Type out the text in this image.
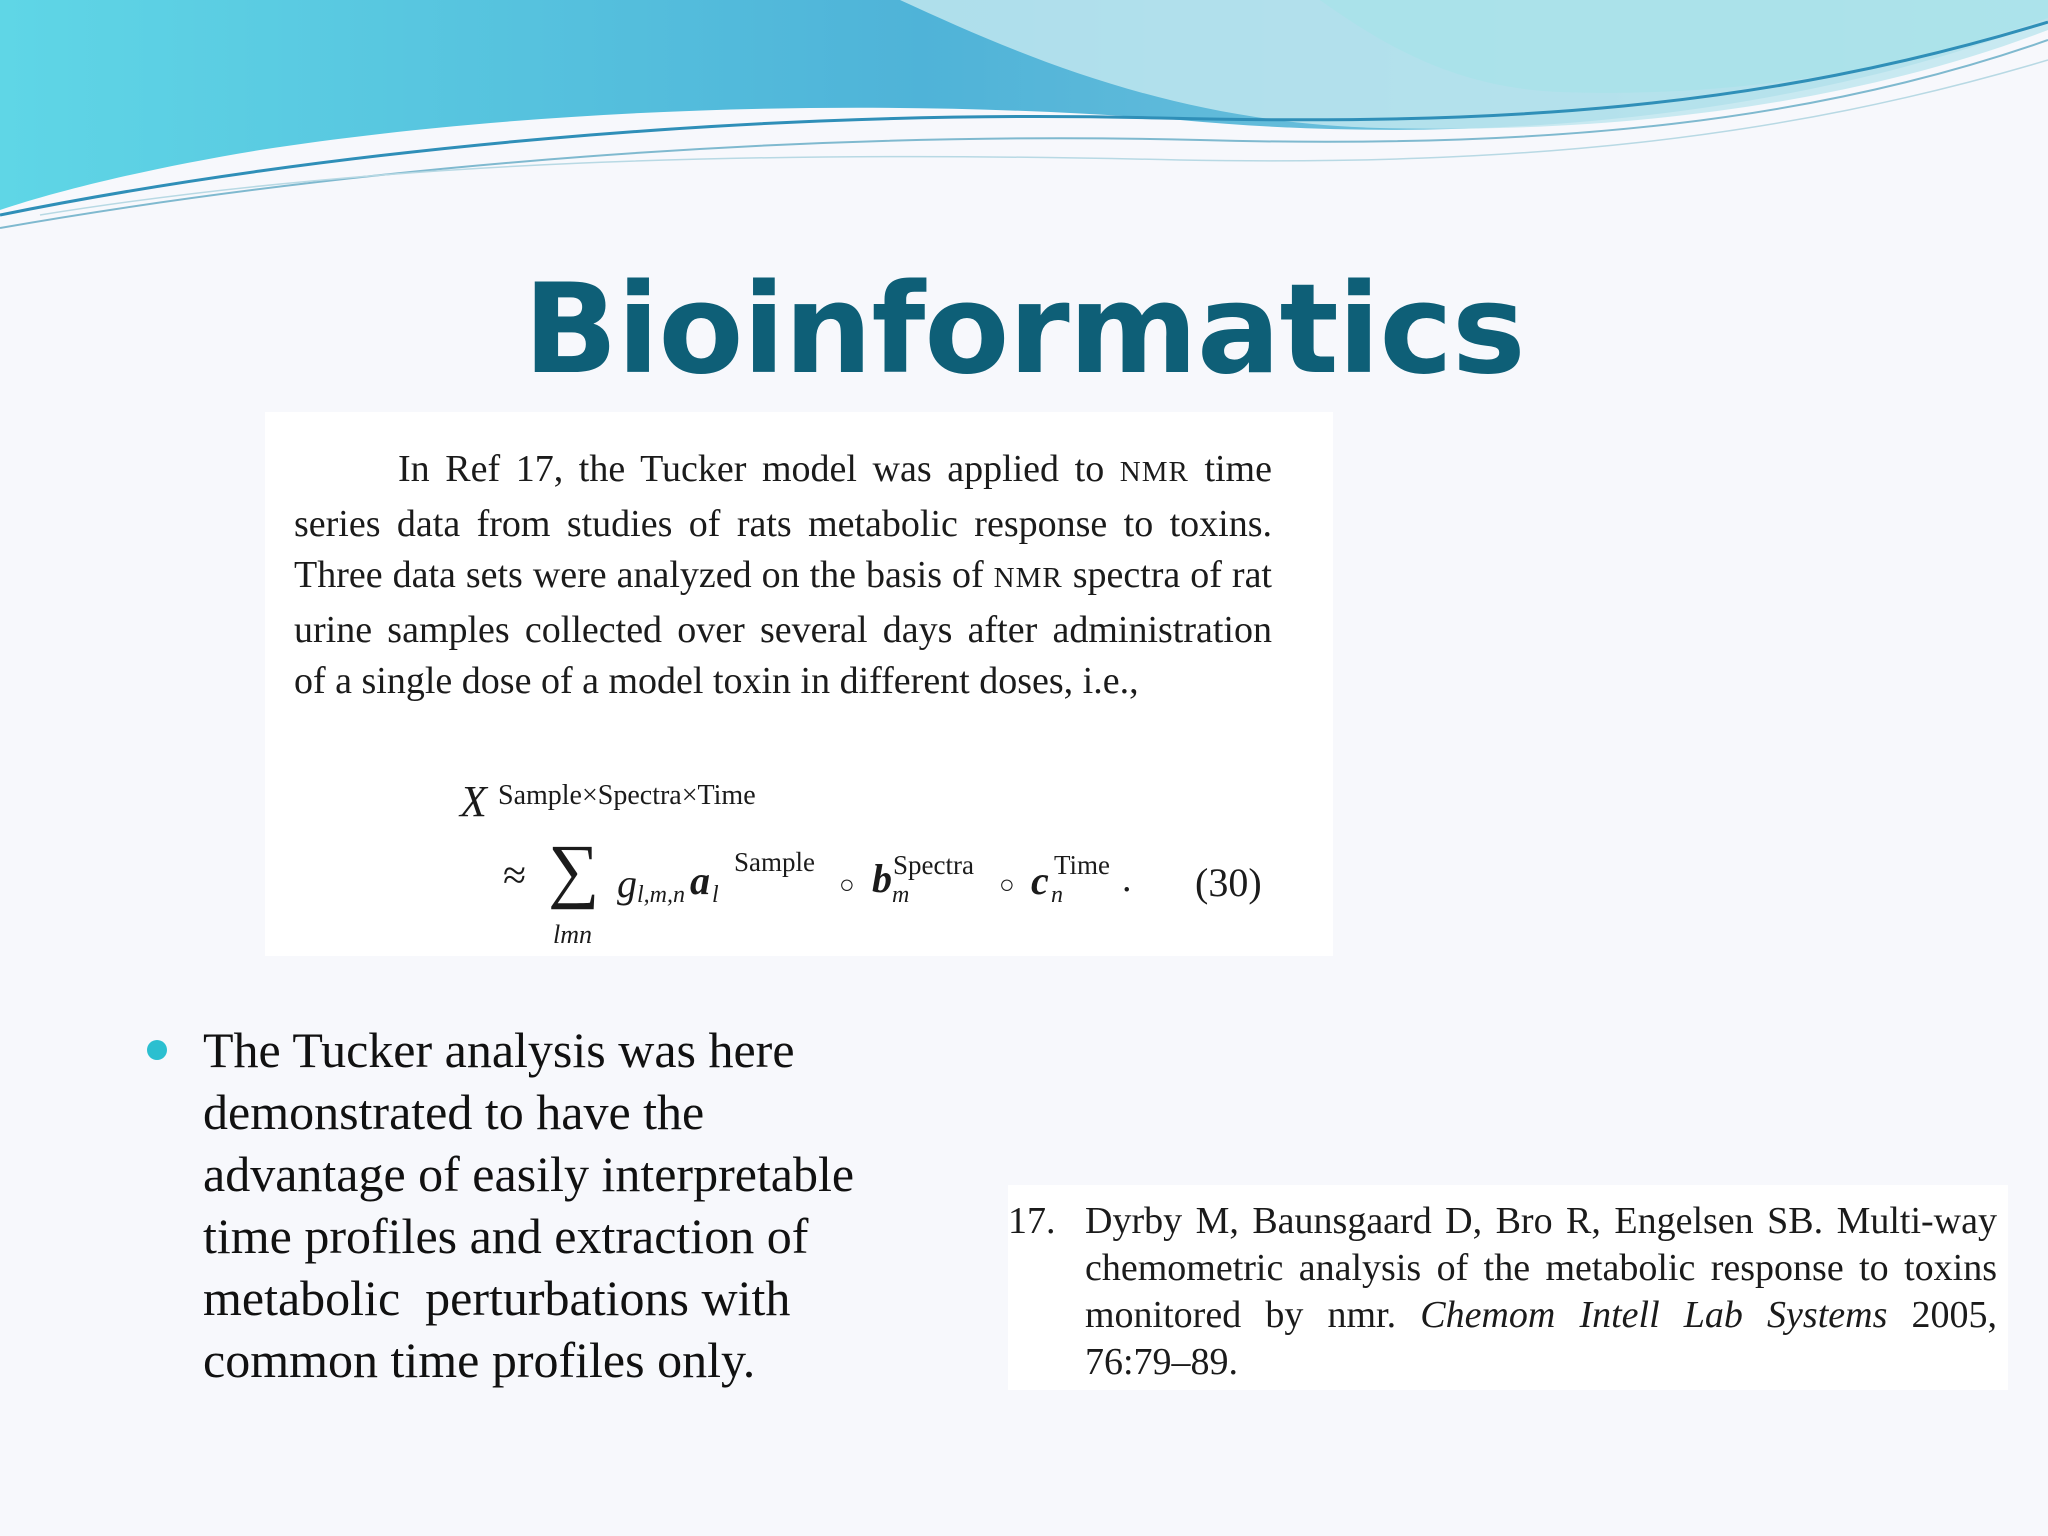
Bioinformatics
In Ref 17, the Tucker model was applied to NMR time series data from studies of rats metabolic response to toxins. Three data sets were analyzed on the basis of NMR spectra of rat urine samples collected over several days after administration of a single dose of a model toxin in different doses, i.e.,
X Sample×Spectra×Time
≈ ∑
lmn
g l,m,n a l
Sample
○ b m
Spectra
○ c n
Time . (30)
The Tucker analysis was here
demonstrated to have the
advantage of easily interpretable
time profiles and extraction of
metabolic  perturbations with
common time profiles only.
17. Dyrby M, Baunsgaard D, Bro R, Engelsen SB. Multi-way chemometric analysis of the metabolic response to toxins monitored by nmr. Chemom Intell Lab Systems 2005, 76:79–89.
